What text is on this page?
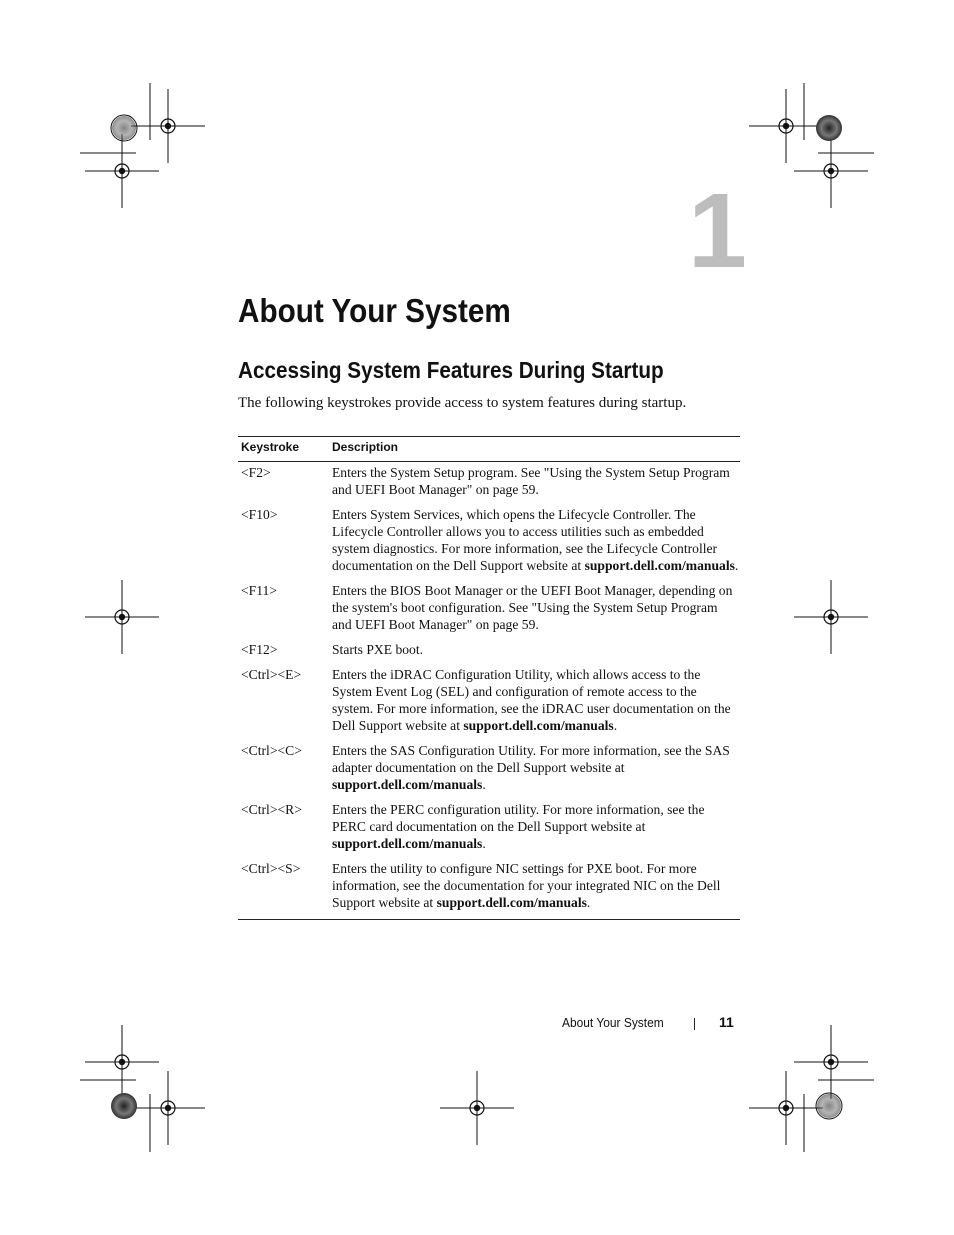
1
About Your System
Accessing System Features During Startup

The following keystrokes provide access to system features during startup.

Keystroke	Description
<F2>	Enters the System Setup program. See "Using the System Setup Program and UEFI Boot Manager" on page 59.
<F10>	Enters System Services, which opens the Lifecycle Controller. The Lifecycle Controller allows you to access utilities such as embedded system diagnostics. For more information, see the Lifecycle Controller documentation on the Dell Support website at support.dell.com/manuals.
<F11>	Enters the BIOS Boot Manager or the UEFI Boot Manager, depending on the system's boot configuration. See "Using the System Setup Program and UEFI Boot Manager" on page 59.
<F12>	Starts PXE boot.
<Ctrl><E>	Enters the iDRAC Configuration Utility, which allows access to the System Event Log (SEL) and configuration of remote access to the system. For more information, see the iDRAC user documentation on the Dell Support website at support.dell.com/manuals.
<Ctrl><C>	Enters the SAS Configuration Utility. For more information, see the SAS adapter documentation on the Dell Support website at support.dell.com/manuals.
<Ctrl><R>	Enters the PERC configuration utility. For more information, see the PERC card documentation on the Dell Support website at support.dell.com/manuals.
<Ctrl><S>	Enters the utility to configure NIC settings for PXE boot. For more information, see the documentation for your integrated NIC on the Dell Support website at support.dell.com/manuals.
About Your System	11
